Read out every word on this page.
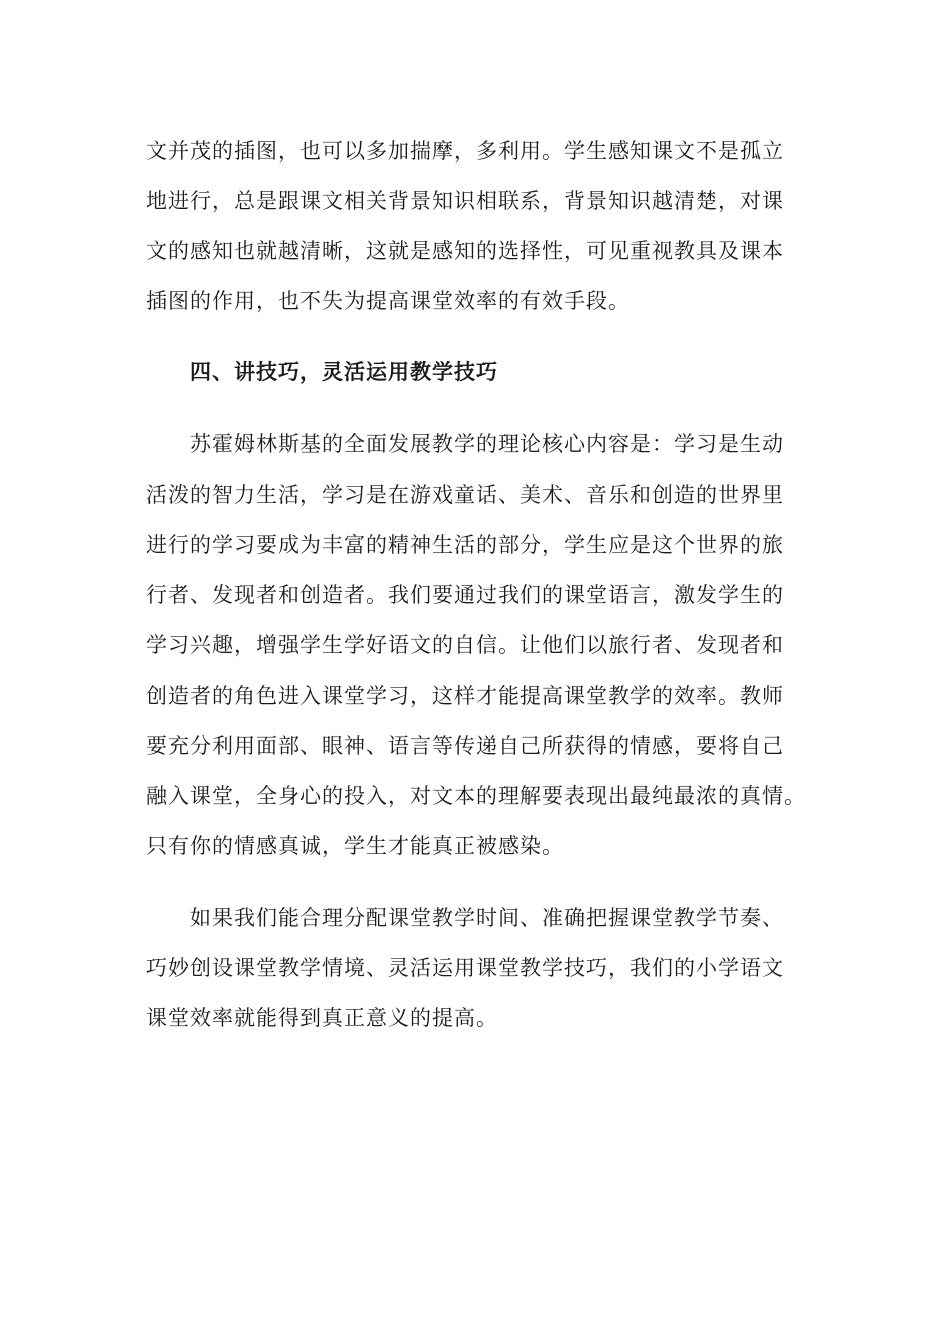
文并茂的插图，也可以多加揣摩，多利用。学生感知课文不是孤立
地进行，总是跟课文相关背景知识相联系，背景知识越清楚，对课
文的感知也就越清晰，这就是感知的选择性，可见重视教具及课本
插图的作用，也不失为提高课堂效率的有效手段。
四、讲技巧，灵活运用教学技巧
苏霍姆林斯基的全面发展教学的理论核心内容是：学习是生动
活泼的智力生活，学习是在游戏童话、美术、音乐和创造的世界里
进行的学习要成为丰富的精神生活的部分，学生应是这个世界的旅
行者、发现者和创造者。我们要通过我们的课堂语言，激发学生的
学习兴趣，增强学生学好语文的自信。让他们以旅行者、发现者和
创造者的角色进入课堂学习，这样才能提高课堂教学的效率。教师
要充分利用面部、眼神、语言等传递自己所获得的情感，要将自己
融入课堂，全身心的投入，对文本的理解要表现出最纯最浓的真情。
只有你的情感真诚，学生才能真正被感染。
如果我们能合理分配课堂教学时间、准确把握课堂教学节奏、
巧妙创设课堂教学情境、灵活运用课堂教学技巧，我们的小学语文
课堂效率就能得到真正意义的提高。
